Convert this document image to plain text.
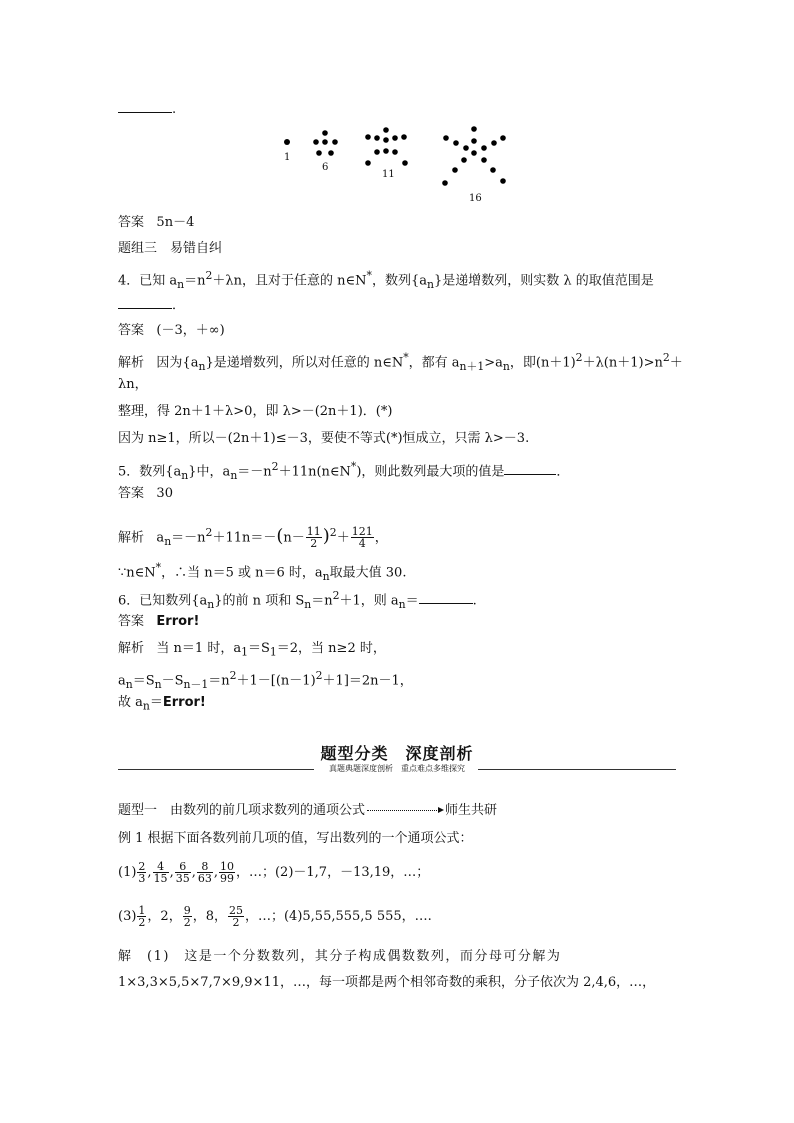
.
1
6
11
16
答案 5n－4
题组三　易错自纠
4．已知 $a_n=n^2+\lambda n$，且对于任意的 n∈N*，数列$\{a_n\}$是递增数列，则实数 λ 的取值范围是
．
答案 (－3，＋∞)
解析 因为$\{a_n\}$是递增数列，所以对任意的 n∈N*，都有 $a_{n+1}>a_n$，即$(n+1)^2+\lambda(n+1)>n^2+$
λn，
整理，得 2n＋1＋λ>0，即 λ>－(2n＋1)．(*)
因为 n≥1，所以－(2n＋1)≤－3，要使不等式(*)恒成立，只需 λ>－3.
5．数列$\{a_n\}$中，$a_n=-n^2+11n(n\in N^*)$，则此数列最大项的值是	．
答案 30
解析 $a_n=-n^2+11n=-(n- \frac{11}{2} )^2+ \frac{121}{4}$ ，
∵n∈N*，∴当 n＝5 或 n＝6 时，$a_n$取最大值 30.
6．已知数列$\{a_n\}$的前 n 项和 $S_n=n^2+1$，则 $a_n=$	.
答案 Error!
解析 当 n＝1 时，$a_1=S_1=2$，当 n≥2 时，
$a_n=S_n-S_{n-1}=n^2+1-[(n-1)^2+1]=2n-1$，
故 $a_n=Error$!
题型分类　深度剖析
真题典题深度剖析　重点难点多维探究
题型一　由数列的前几项求数列的通项公式	师生共研
例 1 根据下面各数列前几项的值，写出数列的一个通项公式：
$(1) \frac{2}{3}$ , $\frac{4}{15}$ , $\frac{6}{35}$ , $\frac{8}{63}$ , $\frac{10}{99}$ ，…；(2)－1,7，－13,19，…；
$(3) \frac{1}{2}$ ，2， $\frac{9}{2}$ ，8， $\frac{25}{2}$ ，…；(4)5,55,555,5 555，….
解　(1)　这是一个分数数列，其分子构成偶数数列，而分母可分解为
1×3,3×5,5×7,7×9,9×11，…，每一项都是两个相邻奇数的乘积，分子依次为 2,4,6，…，
